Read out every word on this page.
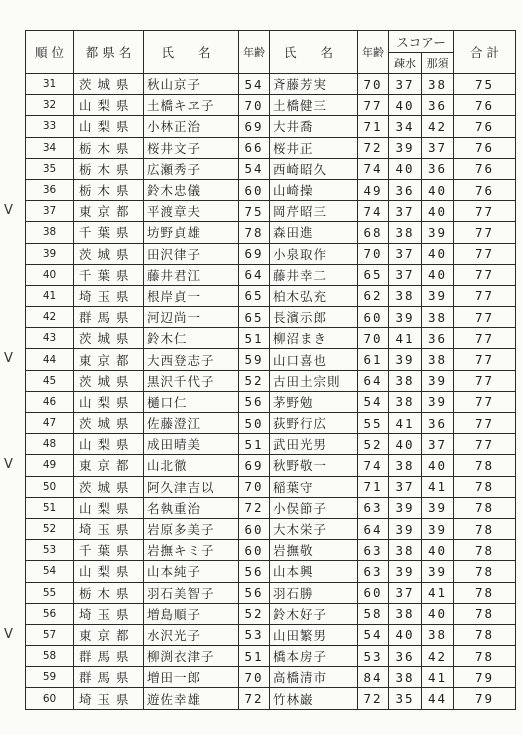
V
V
V
V
順 位	都 県 名	氏 名	年齢	氏 名	年齢	スコアー		合 計
						疎水	那須	
31	茨城県	秋山京子	54	斉藤芳実	70	37	38	75
32	山梨県	土橋キヱ子	70	土橋健三	77	40	36	76
33	山梨県	小林正治	69	大井喬	71	34	42	76
34	栃木県	桜井文子	66	桜井正	72	39	37	76
35	栃木県	広瀬秀子	54	西崎昭久	74	40	36	76
36	栃木県	鈴木忠儀	60	山崎操	49	36	40	76
37	東京都	平渡章夫	75	岡芹昭三	74	37	40	77
38	千葉県	坊野貞雄	78	森田進	68	38	39	77
39	茨城県	田沢律子	69	小泉取作	70	37	40	77
40	千葉県	藤井君江	64	藤井幸二	65	37	40	77
41	埼玉県	根岸貞一	65	柏木弘充	62	38	39	77
42	群馬県	河辺尚一	65	長濱示郎	60	39	38	77
43	茨城県	鈴木仁	51	柳沼まき	70	41	36	77
44	東京都	大西登志子	59	山口喜也	61	39	38	77
45	茨城県	黒沢千代子	52	古田土宗則	64	38	39	77
46	山梨県	樋口仁	56	茅野勉	54	38	39	77
47	茨城県	佐藤澄江	50	荻野行広	55	41	36	77
48	山梨県	成田晴美	51	武田光男	52	40	37	77
49	東京都	山北徹	69	秋野敬一	74	38	40	78
50	茨城県	阿久津吉以	70	稲葉守	71	37	41	78
51	山梨県	名執重治	72	小俣節子	63	39	39	78
52	埼玉県	岩原多美子	60	大木栄子	64	39	39	78
53	千葉県	岩撫キミ子	60	岩撫敬	63	38	40	78
54	山梨県	山本純子	56	山本興	63	39	39	78
55	栃木県	羽石美智子	56	羽石勝	60	37	41	78
56	埼玉県	増島順子	52	鈴木好子	58	38	40	78
57	東京都	水沢光子	53	山田繁男	54	40	38	78
58	群馬県	柳渕衣津子	51	橋本房子	53	36	42	78
59	群馬県	増田一郎	70	高橋清市	84	38	41	79
60	埼玉県	遊佐幸雄	72	竹林巌	72	35	44	79
